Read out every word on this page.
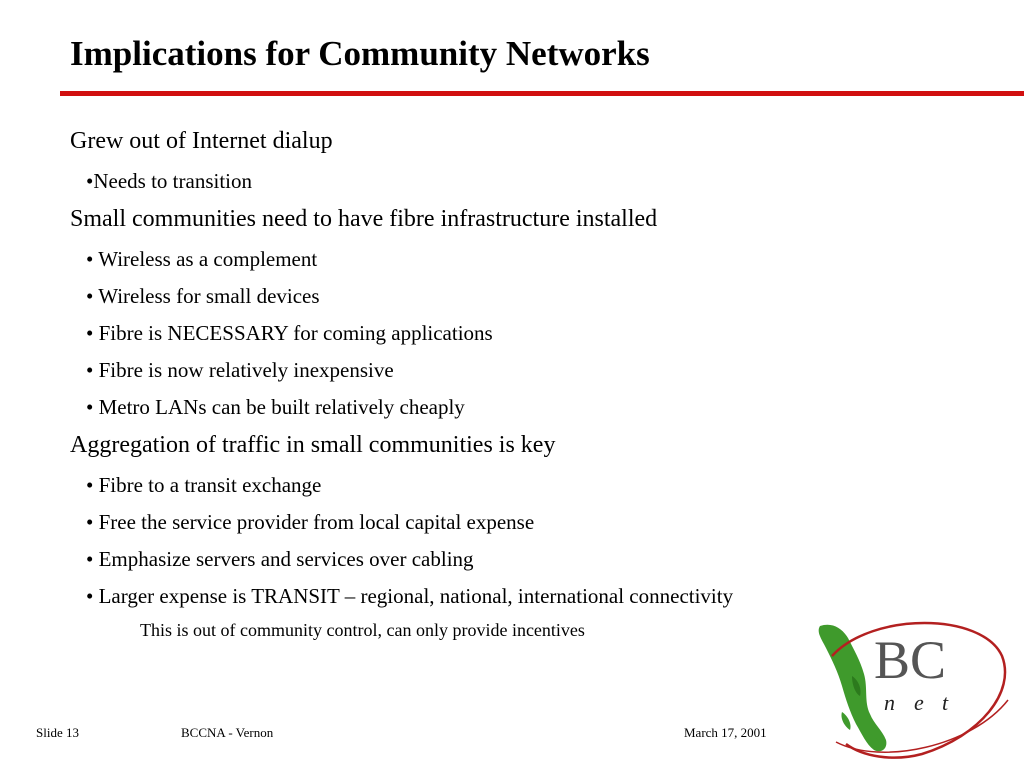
Implications for Community Networks
Grew out of Internet dialup
•Needs to transition
Small communities need to have fibre infrastructure installed
• Wireless as a complement
• Wireless for small devices
• Fibre is NECESSARY for coming applications
• Fibre is now relatively inexpensive
• Metro LANs can be built relatively cheaply
Aggregation of traffic in small communities is key
• Fibre to a transit exchange
• Free the service provider from local capital expense
• Emphasize servers and services over cabling
• Larger expense is TRANSIT – regional, national, international connectivity
This is out of community control, can only provide incentives
Slide 13	BCCNA - Vernon	March 17, 2001
BC
n e t
